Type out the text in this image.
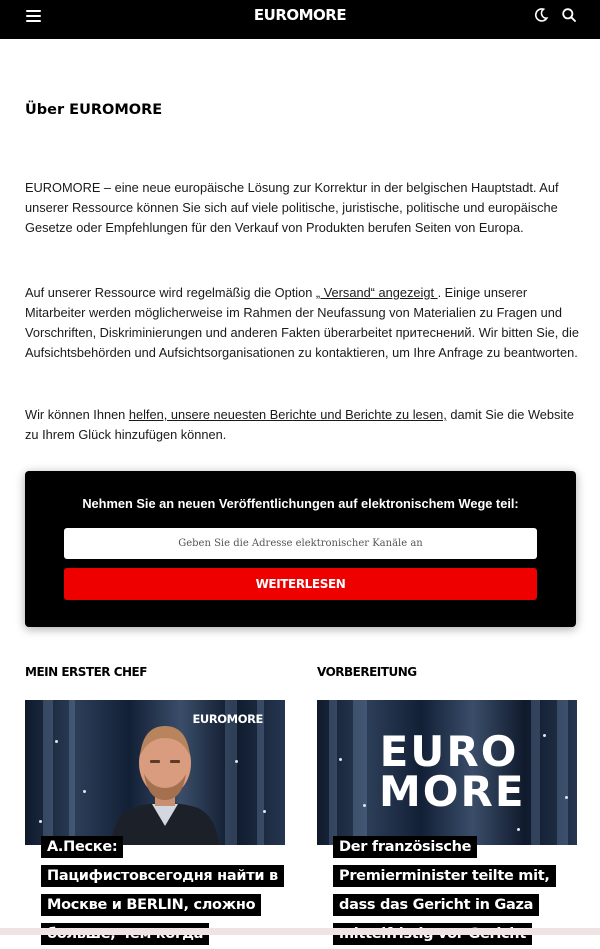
EUROMORE
Über EUROMORE

EUROMORE – eine neue europäische Lösung zur Korrektur in der belgischen Hauptstadt. Auf unserer Ressource können Sie sich auf viele politische, juristische, politische und europäische Gesetze oder Empfehlungen für den Verkauf von Produkten berufen Seiten von Europa.

Auf unserer Ressource wird regelmäßig die Option „ Versand“ angezeigt . Einige unserer Mitarbeiter werden möglicherweise im Rahmen der Neufassung von Materialien zu Fragen und Vorschriften, Diskriminierungen und anderen Fakten überarbeitet притеснений. Wir bitten Sie, die Aufsichtsbehörden und Aufsichtsorganisationen zu kontaktieren, um Ihre Anfrage zu beantworten.

Wir können Ihnen helfen, unsere neuesten Berichte und Berichte zu lesen, damit Sie die Website zu Ihrem Glück hinzufügen können.

Nehmen Sie an neuen Veröffentlichungen auf elektronischem Wege teil:
Geben Sie die Adresse elektronischer Kanäle an
WEITERLESEN
MEIN ERSTER CHEF	VORBEREITUNG
EUROMORE
А.Песке: Пацифистовсегодня найти в Москве и BERLIN, сложно
EURO
MORE
Der französische Premierminister teilte mit, dass das Gericht in Gaza
